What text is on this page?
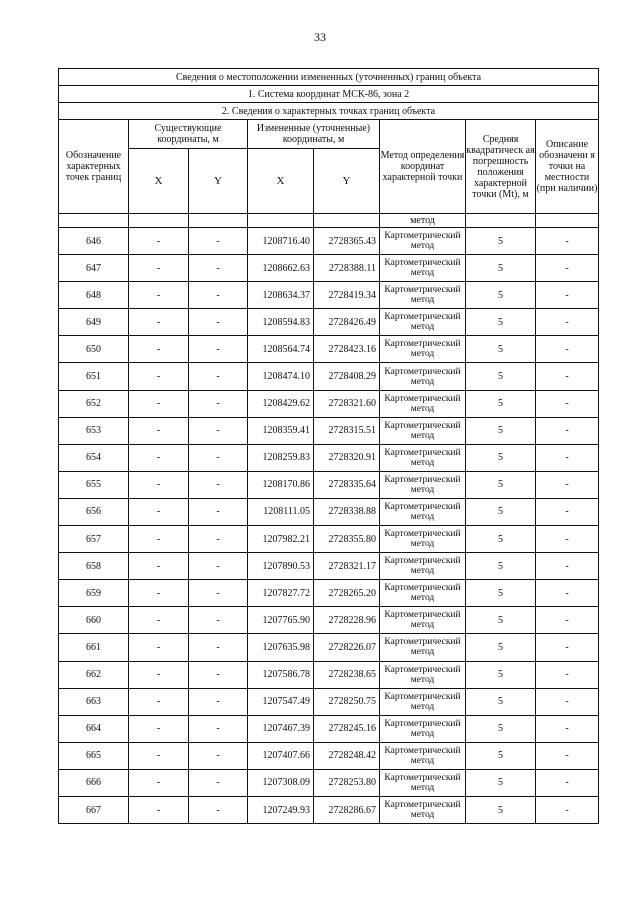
33
Сведения о местоположении измененных (уточненных) границ объекта							
1. Система координат МСК-86, зона 2							
2. Сведения о характерных точках границ объекта							
Обозначение характерных точек границ	Существующие координаты, м		Измененные (уточненные) координаты, м		Метод определения координат характерной точки	Средняя квадратическ ая погрешность положения характерной точки (Mt), м	Описание обозначени я точки на местности (при наличии)
	X	Y	X	Y			
					метод		
646	-	-	1208716.40	2728365.43	Картометрический метод	5	-
647	-	-	1208662.63	2728388.11	Картометрический метод	5	-
648	-	-	1208634.37	2728419.34	Картометрический метод	5	-
649	-	-	1208594.83	2728426.49	Картометрический метод	5	-
650	-	-	1208564.74	2728423.16	Картометрический метод	5	-
651	-	-	1208474.10	2728408.29	Картометрический метод	5	-
652	-	-	1208429.62	2728321.60	Картометрический метод	5	-
653	-	-	1208359.41	2728315.51	Картометрический метод	5	-
654	-	-	1208259.83	2728320.91	Картометрический метод	5	-
655	-	-	1208170.86	2728335.64	Картометрический метод	5	-
656	-	-	1208111.05	2728338.88	Картометрический метод	5	-
657	-	-	1207982.21	2728355.80	Картометрический метод	5	-
658	-	-	1207890.53	2728321.17	Картометрический метод	5	-
659	-	-	1207827.72	2728265.20	Картометрический метод	5	-
660	-	-	1207765.90	2728228.96	Картометрический метод	5	-
661	-	-	1207635.98	2728226.07	Картометрический метод	5	-
662	-	-	1207586.78	2728238.65	Картометрический метод	5	-
663	-	-	1207547.49	2728250.75	Картометрический метод	5	-
664	-	-	1207467.39	2728245.16	Картометрический метод	5	-
665	-	-	1207407.66	2728248.42	Картометрический метод	5	-
666	-	-	1207308.09	2728253.80	Картометрический метод	5	-
667	-	-	1207249.93	2728286.67	Картометрический метод	5	-
